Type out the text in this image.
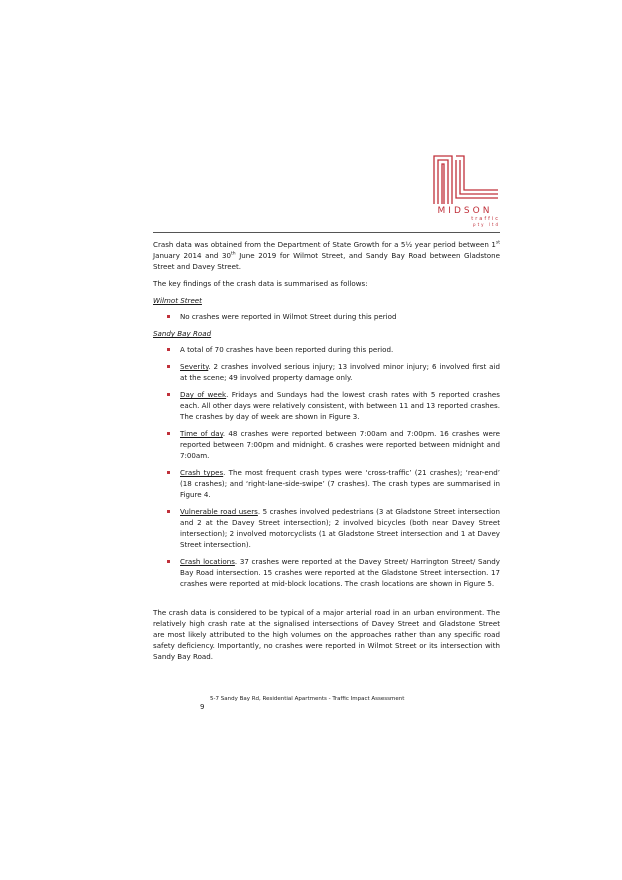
MIDSON
traffic
pty ltd

Crash data was obtained from the Department of State Growth for a 5½ year period between 1st January 2014 and 30th June 2019 for Wilmot Street, and Sandy Bay Road between Gladstone Street and Davey Street.

The key findings of the crash data is summarised as follows:

Wilmot Street
No crashes were reported in Wilmot Street during this period
Sandy Bay Road
A total of 70 crashes have been reported during this period.
Severity. 2 crashes involved serious injury; 13 involved minor injury; 6 involved first aid at the scene; 49 involved property damage only.
Day of week. Fridays and Sundays had the lowest crash rates with 5 reported crashes each. All other days were relatively consistent, with between 11 and 13 reported crashes. The crashes by day of week are shown in Figure 3.
Time of day. 48 crashes were reported between 7:00am and 7:00pm. 16 crashes were reported between 7:00pm and midnight. 6 crashes were reported between midnight and 7:00am.
Crash types. The most frequent crash types were ‘cross-traffic’ (21 crashes); ‘rear-end’ (18 crashes); and ‘right-lane-side-swipe’ (7 crashes). The crash types are summarised in Figure 4.
Vulnerable road users. 5 crashes involved pedestrians (3 at Gladstone Street intersection and 2 at the Davey Street intersection); 2 involved bicycles (both near Davey Street intersection); 2 involved motorcyclists (1 at Gladstone Street intersection and 1 at Davey Street intersection).
Crash locations. 37 crashes were reported at the Davey Street/ Harrington Street/ Sandy Bay Road intersection. 15 crashes were reported at the Gladstone Street intersection. 17 crashes were reported at mid-block locations. The crash locations are shown in Figure 5.

The crash data is considered to be typical of a major arterial road in an urban environment. The relatively high crash rate at the signalised intersections of Davey Street and Gladstone Street are most likely attributed to the high volumes on the approaches rather than any specific road safety deficiency. Importantly, no crashes were reported in Wilmot Street or its intersection with Sandy Bay Road.

9
5-7 Sandy Bay Rd, Residential Apartments - Traffic Impact Assessment
